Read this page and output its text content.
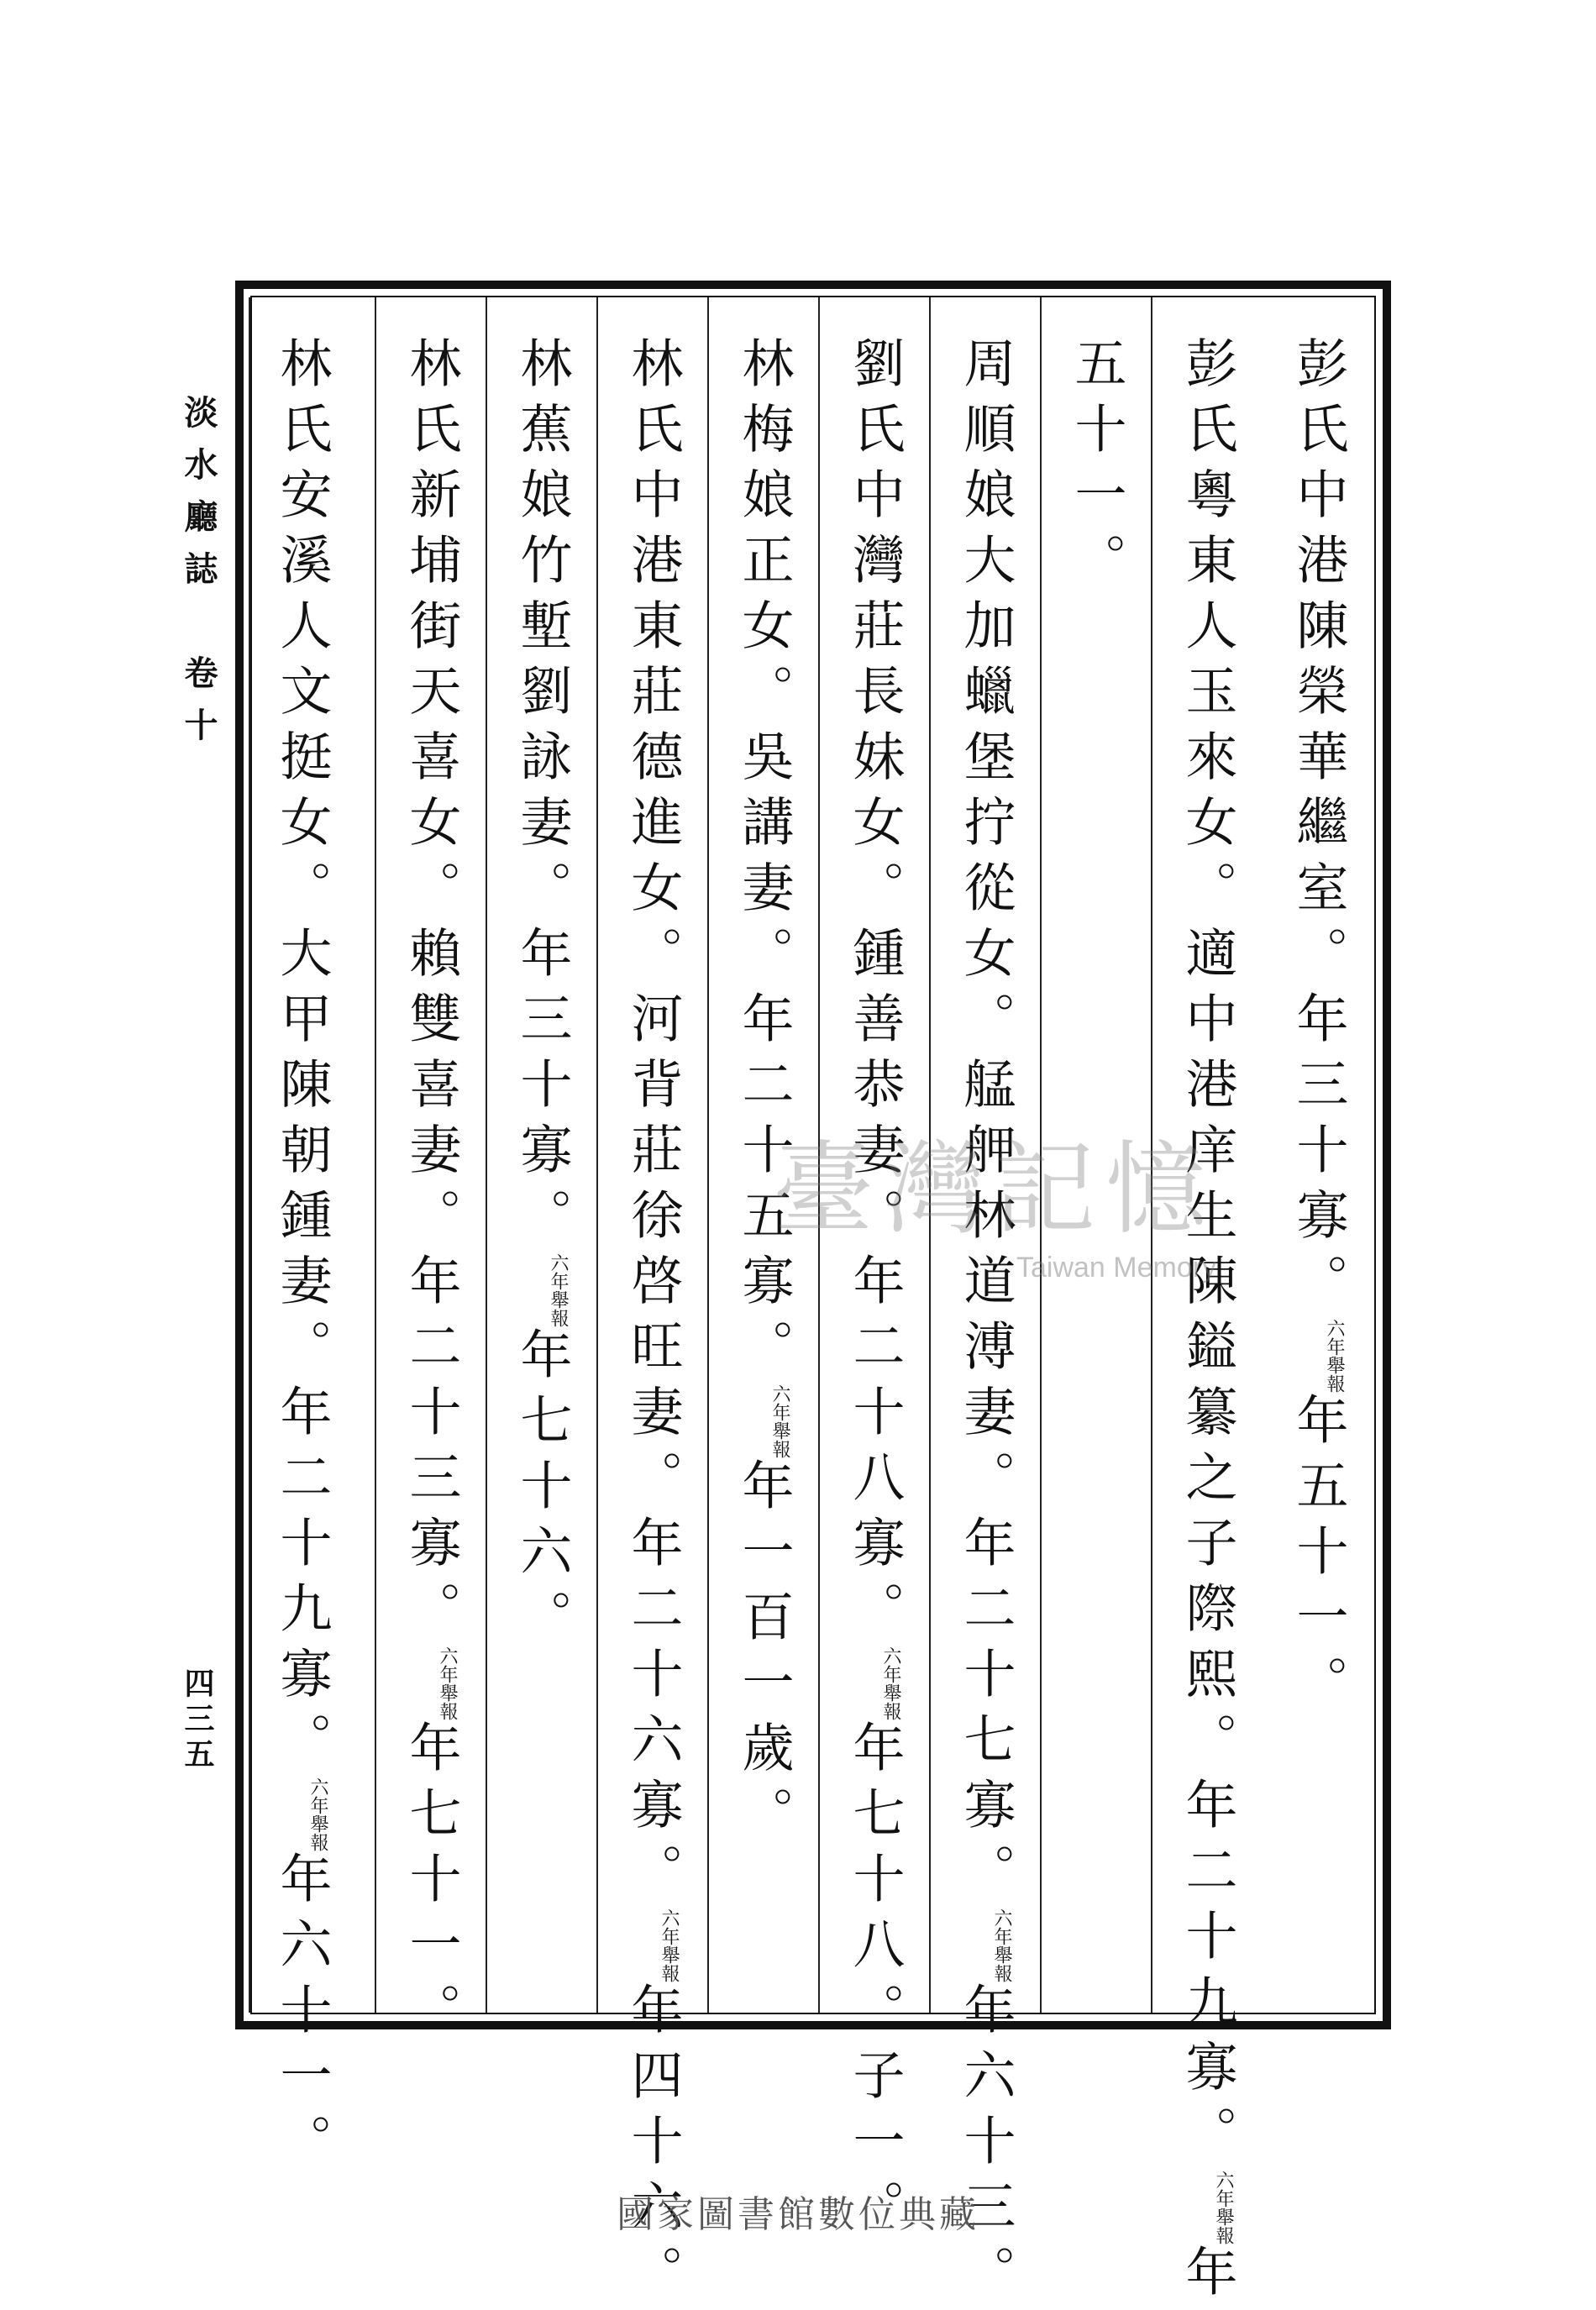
彭氏中港陳榮華繼室。年三十寡。六年舉報年五十一。
彭氏粵東人玉來女。適中港庠生陳鎰纂之子際熙。年二十九寡。六年舉報年
五十一。
周順娘大加蠟堡拧從女。艋舺林道溥妻。年二十七寡。六年舉報年六十三。
劉氏中灣莊長妹女。鍾善恭妻。年二十八寡。六年舉報年七十八。子一。
林梅娘正女。吳講妻。年二十五寡。六年舉報年一百一歲。
林氏中港東莊德進女。河背莊徐啓旺妻。年二十六寡。六年舉報年四十六。
林蕉娘竹塹劉詠妻。年三十寡。六年舉報年七十六。
林氏新埔街天喜女。賴雙喜妻。年二十三寡。六年舉報年七十一。
林氏安溪人文挺女。大甲陳朝鍾妻。年二十九寡。六年舉報年六十一。
淡水廳誌　卷十
四三五
臺灣記憶
Taiwan Memory
國家圖書館數位典藏
